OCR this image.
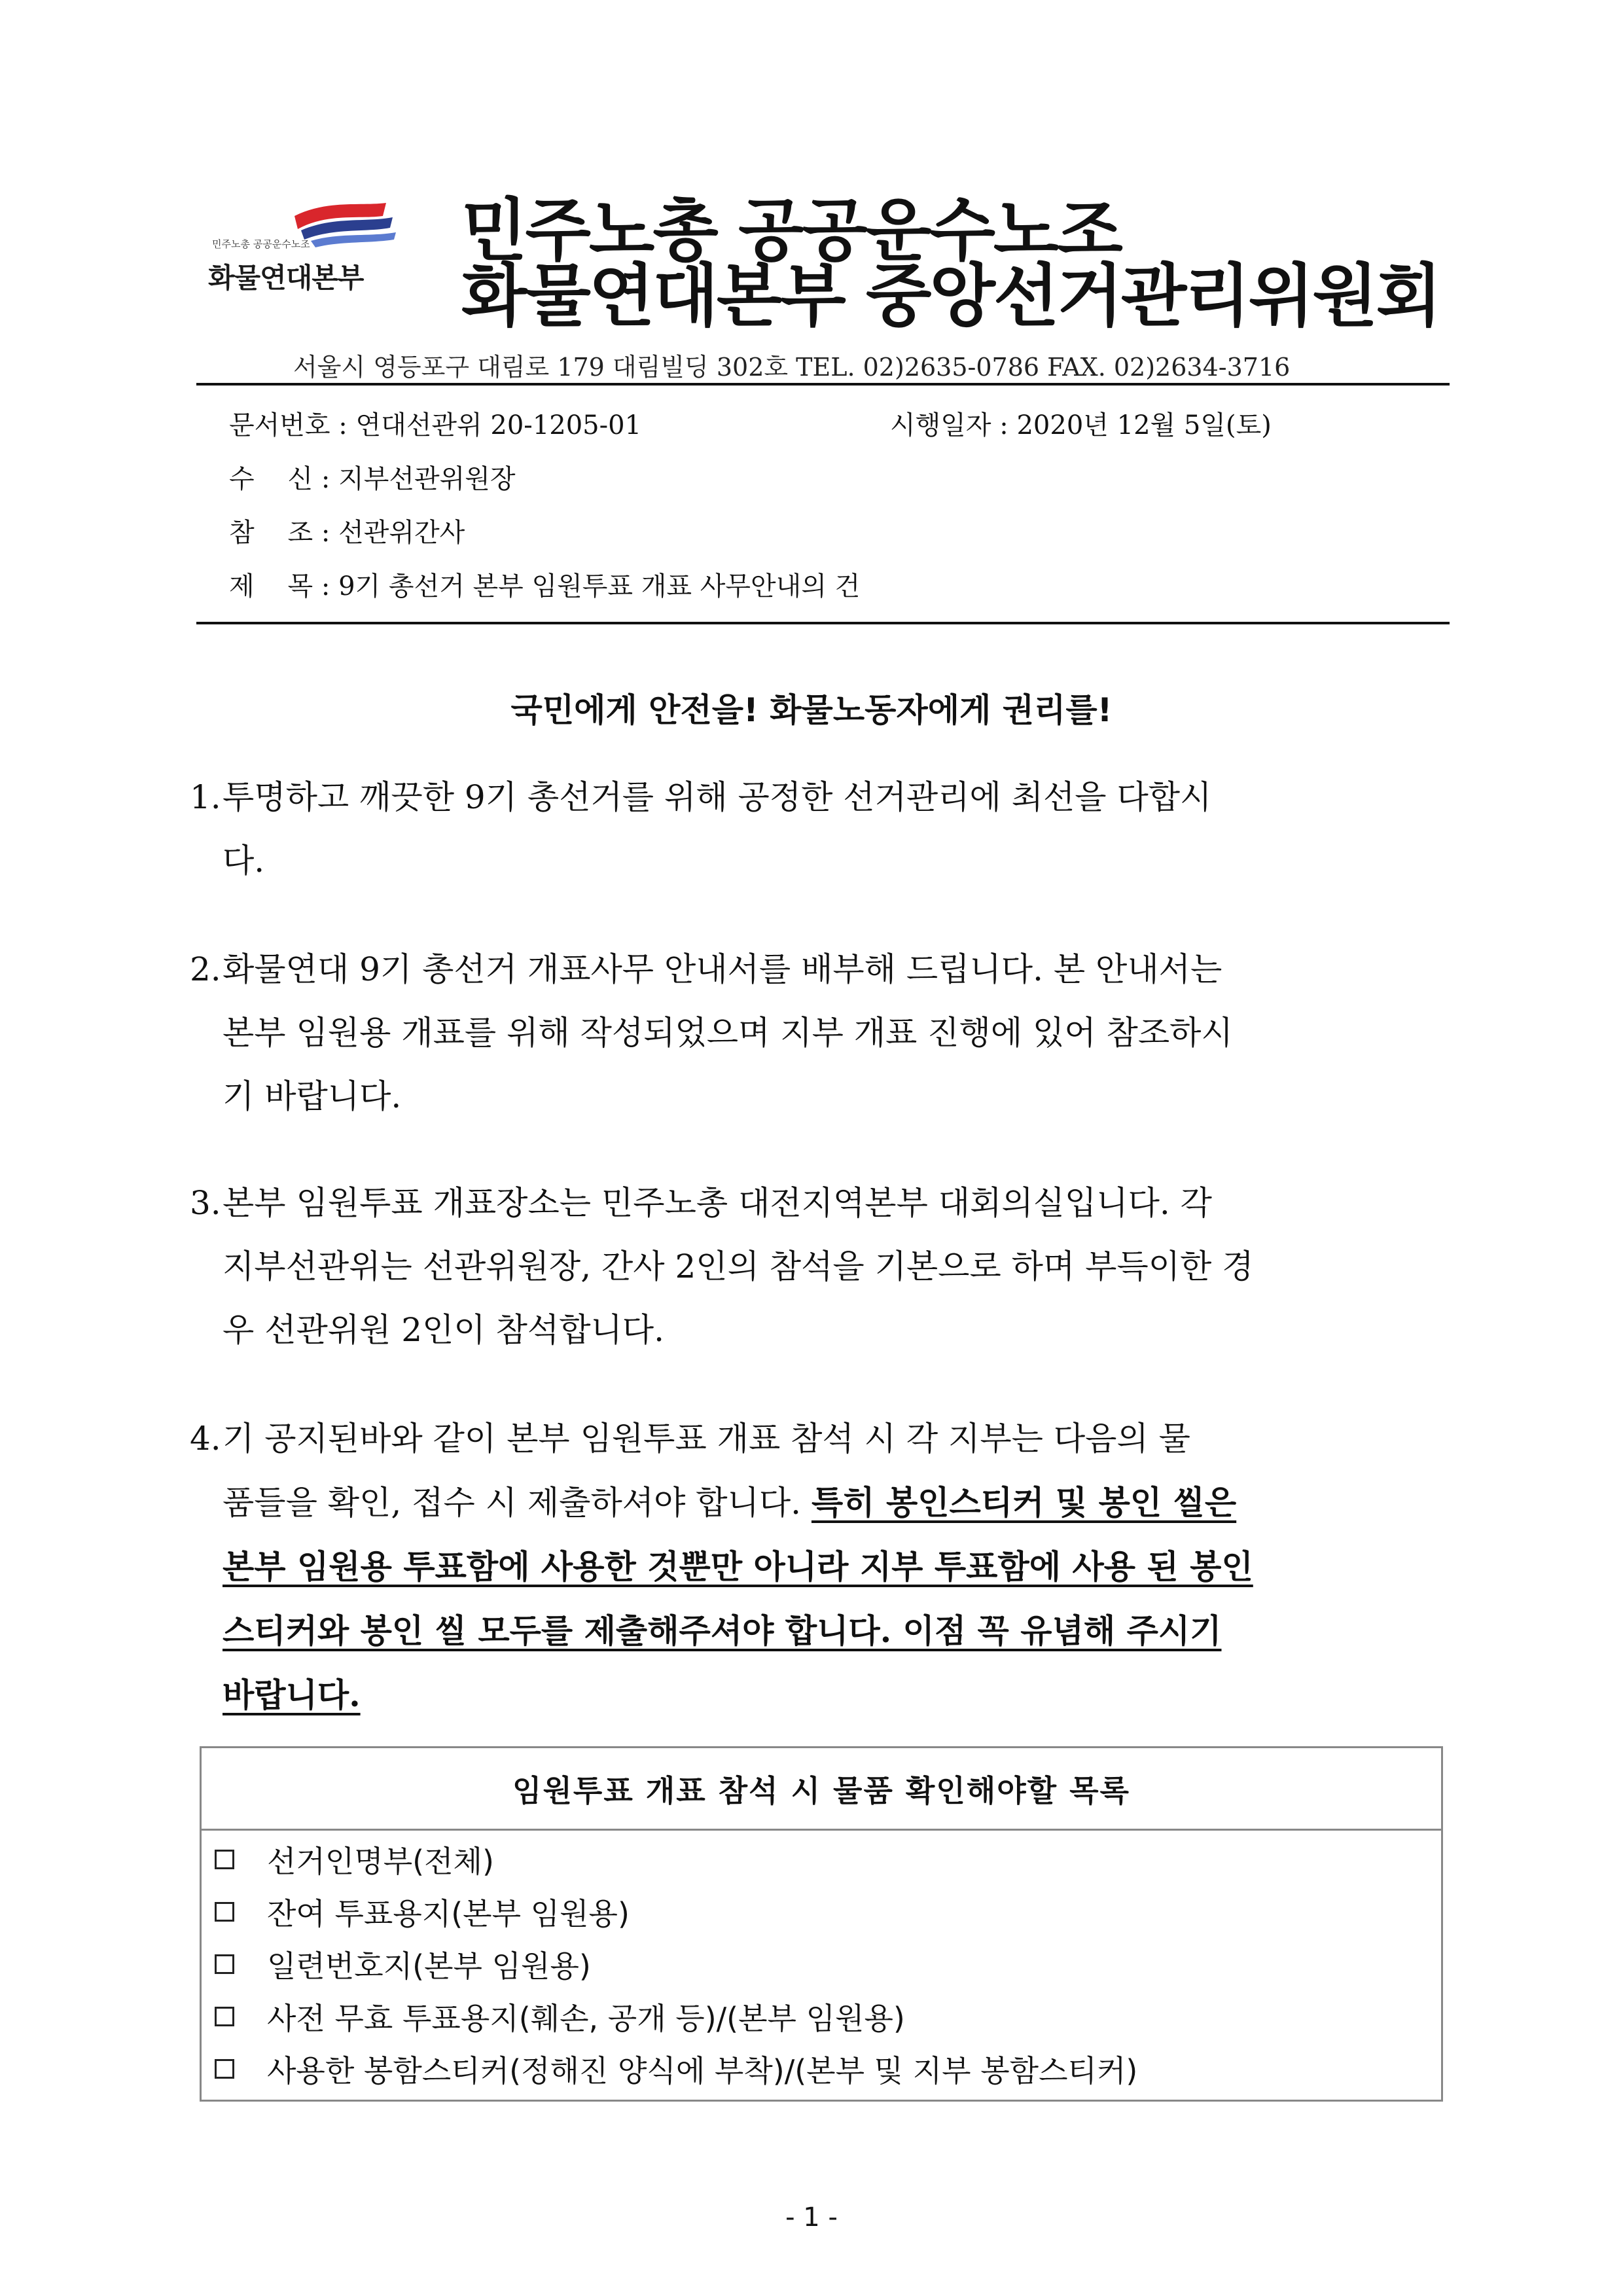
민주노총 공공운수노조
화물연대본부
민주노총 공공운수노조
화물연대본부 중앙선거관리위원회
서울시 영등포구 대림로 179 대림빌딩 302호 TEL. 02)2635-0786 FAX. 02)2634-3716
문서번호 : 연대선관위 20-1205-01	시행일자 : 2020년 12월 5일(토)
수    신 : 지부선관위원장
참    조 : 선관위간사
제    목 : 9기 총선거 본부 임원투표 개표 사무안내의 건
국민에게 안전을! 화물노동자에게 권리를!
1.투명하고 깨끗한 9기 총선거를 위해 공정한 선거관리에 최선을 다합시
다.
2.화물연대 9기 총선거 개표사무 안내서를 배부해 드립니다. 본 안내서는
본부 임원용 개표를 위해 작성되었으며 지부 개표 진행에 있어 참조하시
기 바랍니다.
3.본부 임원투표 개표장소는 민주노총 대전지역본부 대회의실입니다. 각
지부선관위는 선관위원장, 간사 2인의 참석을 기본으로 하며 부득이한 경
우 선관위원 2인이 참석합니다.
4.기 공지된바와 같이 본부 임원투표 개표 참석 시 각 지부는 다음의 물
품들을 확인, 접수 시 제출하셔야 합니다. 특히 봉인스티커 및 봉인 씰은
본부 임원용 투표함에 사용한 것뿐만 아니라 지부 투표함에 사용 된 봉인
스티커와 봉인 씰 모두를 제출해주셔야 합니다. 이점 꼭 유념해 주시기
바랍니다.
임원투표 개표 참석 시 물품 확인해야할 목록
선거인명부(전체)
잔여 투표용지(본부 임원용)
일련번호지(본부 임원용)
사전 무효 투표용지(훼손, 공개 등)/(본부 임원용)
사용한 봉함스티커(정해진 양식에 부착)/(본부 및 지부 봉함스티커)
- 1 -
